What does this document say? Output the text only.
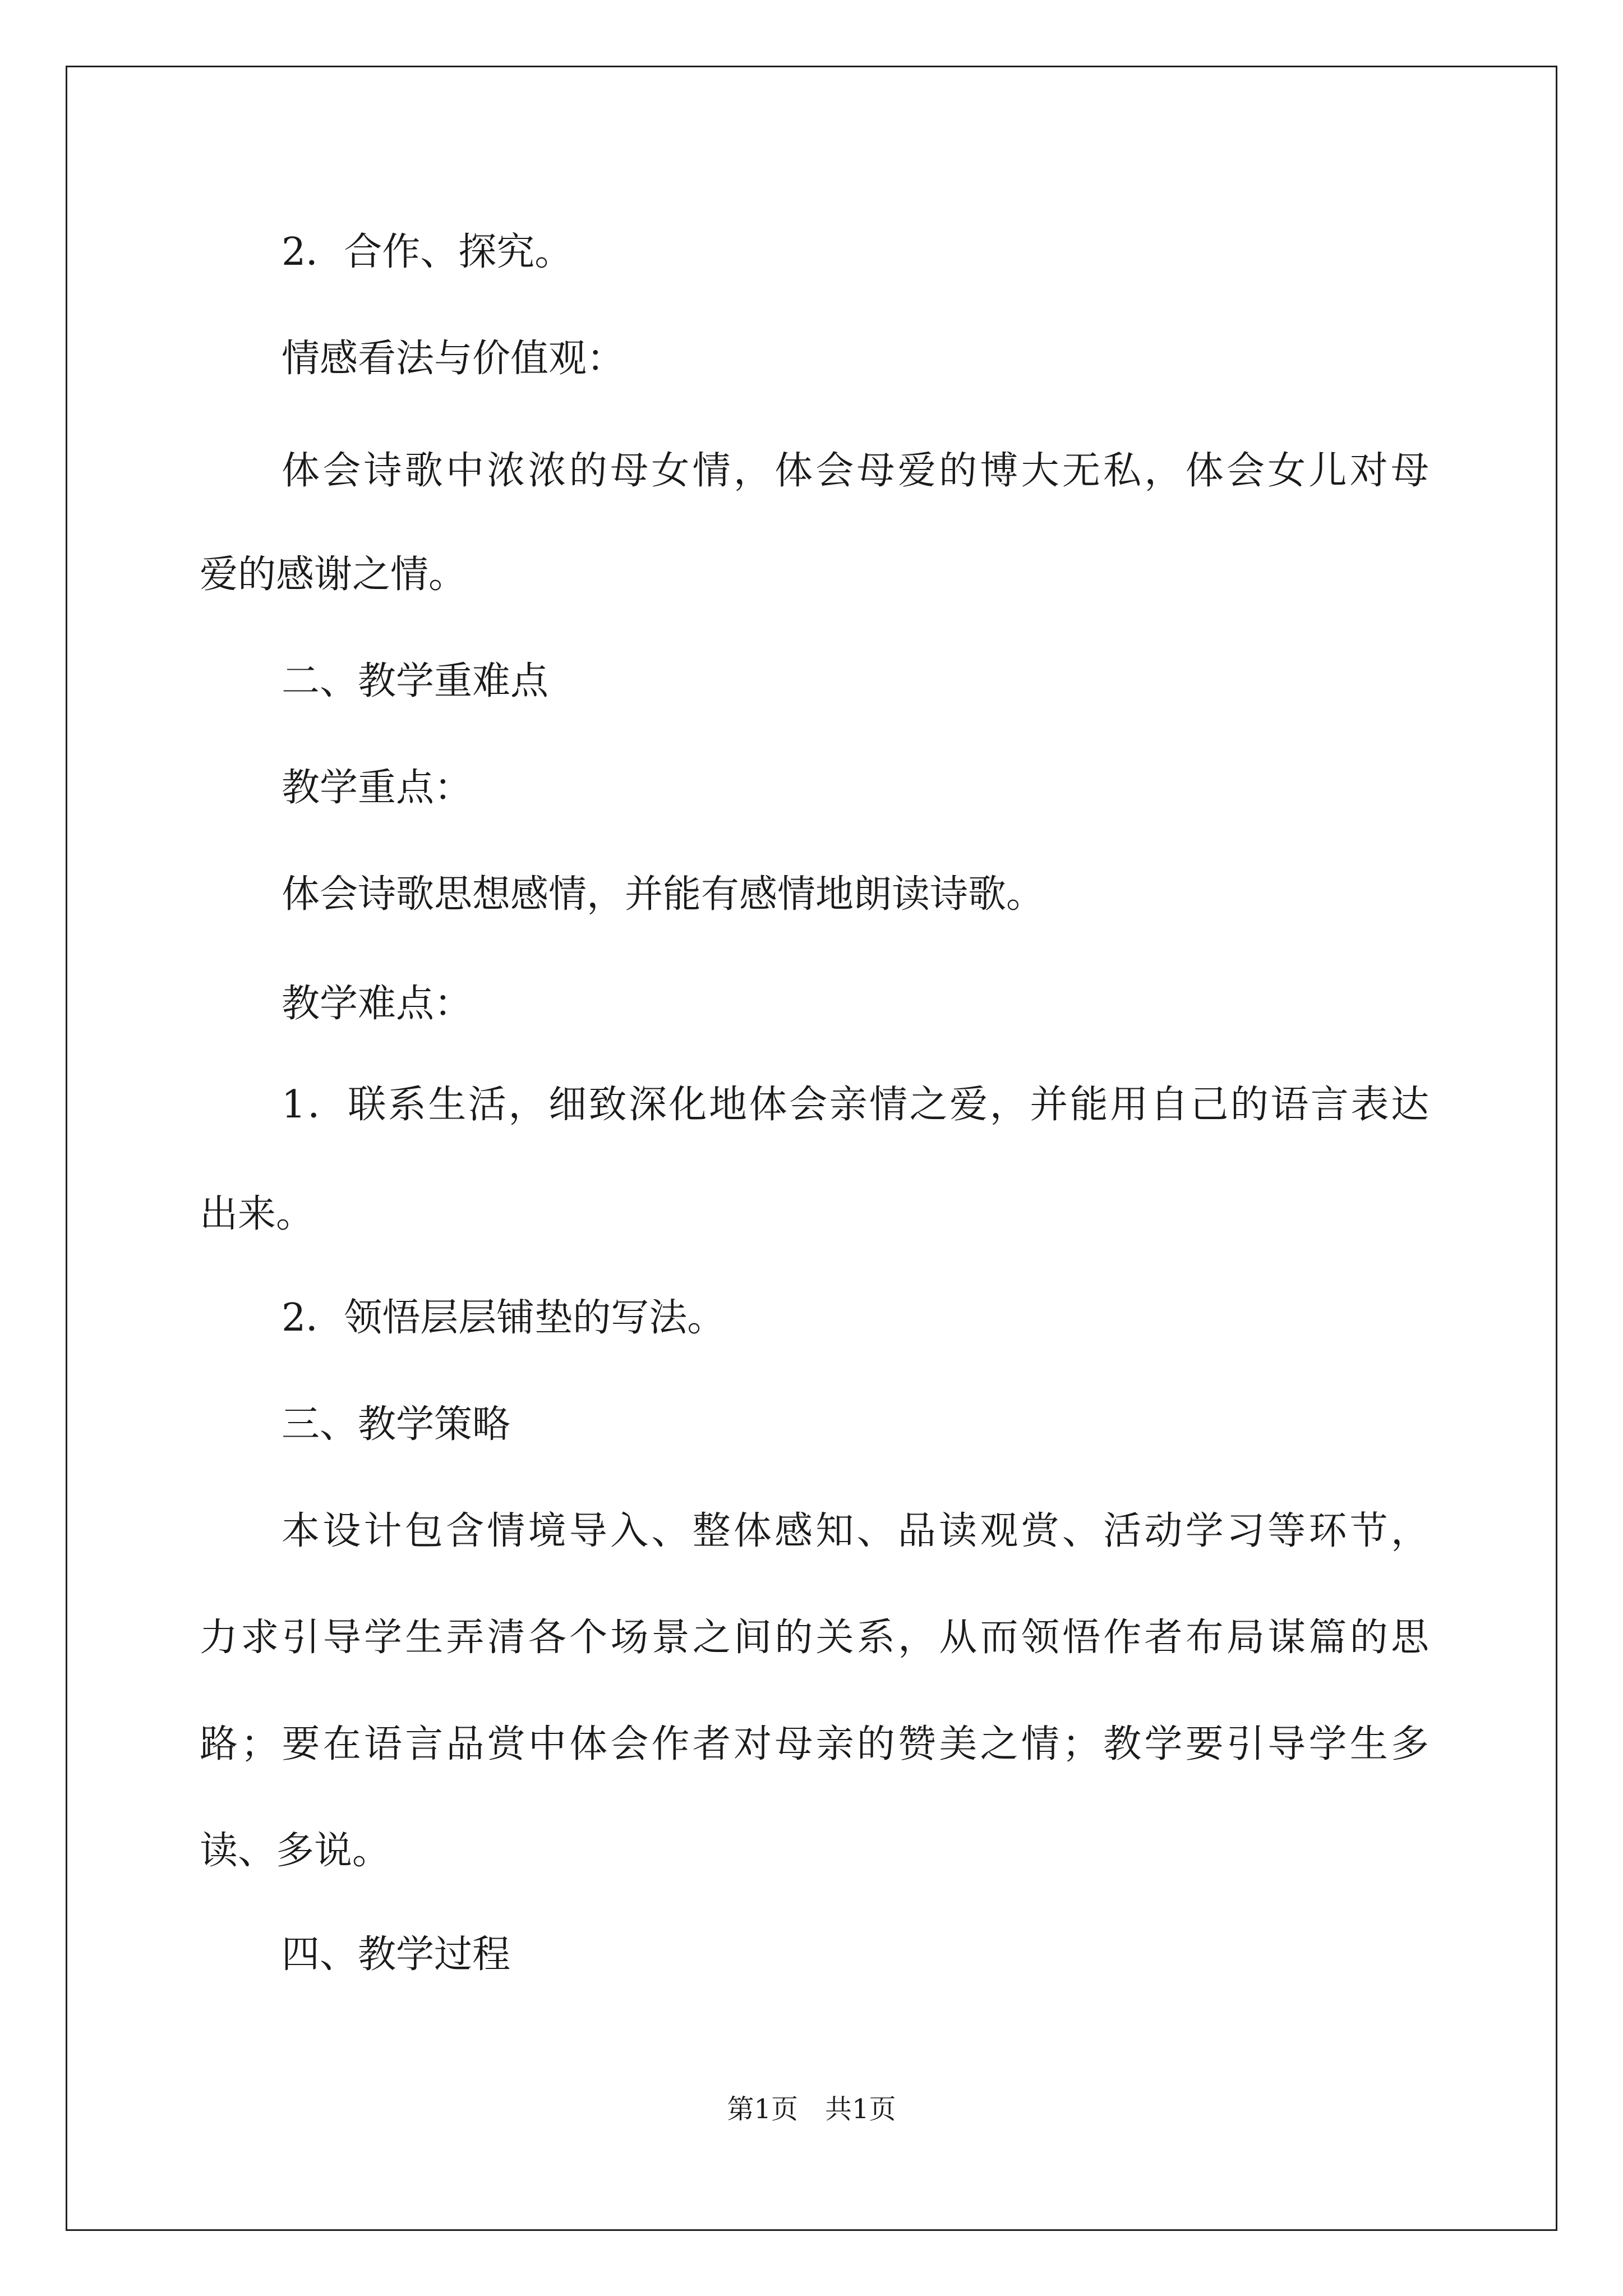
2．合作、探究。
情感看法与价值观：
体会诗歌中浓浓的母女情，体会母爱的博大无私，体会女儿对母
爱的感谢之情。
二、教学重难点
教学重点：
体会诗歌思想感情，并能有感情地朗读诗歌。
教学难点：
1．联系生活，细致深化地体会亲情之爱，并能用自己的语言表达
出来。
2．领悟层层铺垫的写法。
三、教学策略
本设计包含情境导入、整体感知、品读观赏、活动学习等环节，
力求引导学生弄清各个场景之间的关系，从而领悟作者布局谋篇的思
路；要在语言品赏中体会作者对母亲的赞美之情；教学要引导学生多
读、多说。
四、教学过程
第1页 共1页
